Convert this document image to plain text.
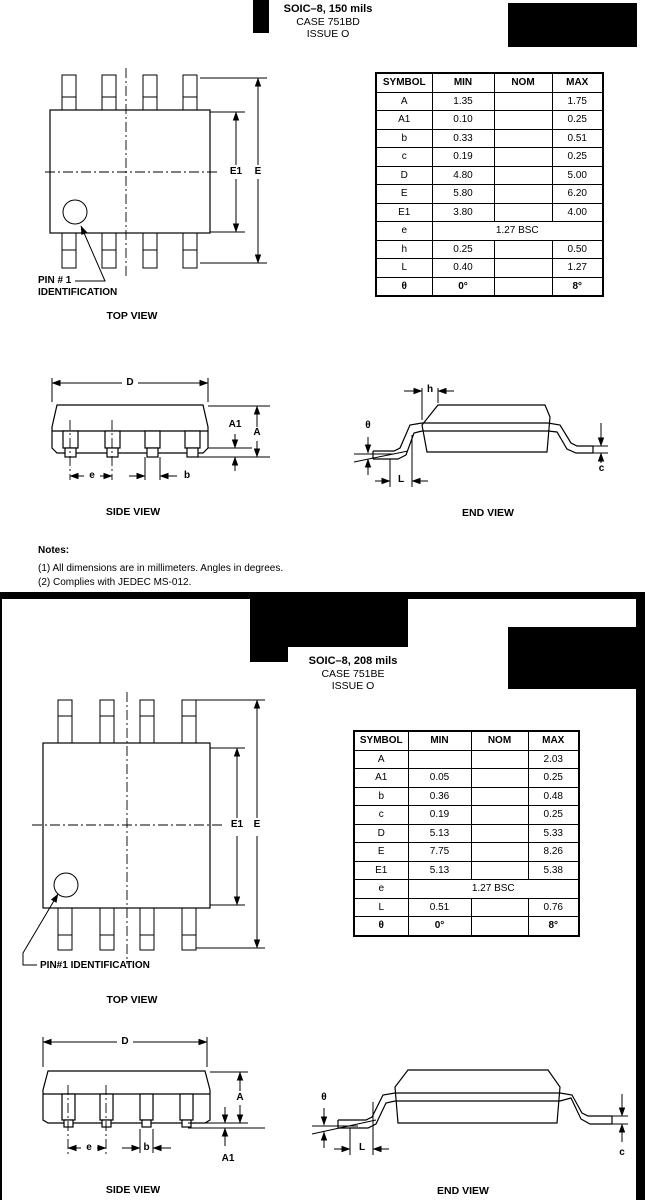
SOIC–8, 150 mils
CASE 751BD
ISSUE O
SYMBOL	MIN	NOM	MAX
A	1.35		1.75
A1	0.10		0.25
b	0.33		0.51
c	0.19		0.25
D	4.80		5.00
E	5.80		6.20
E1	3.80		4.00
e	1.27 BSC		
h	0.25		0.50
L	0.40		1.27
θ	0°		8°
E1	E
PIN # 1
IDENTIFICATION
TOP VIEW
D
A1
A
e	b
SIDE VIEW
h
θ
L
c
END VIEW
Notes:
(1) All dimensions are in millimeters. Angles in degrees.
(2) Complies with JEDEC MS-012.
SOIC–8, 208 mils
CASE 751BE
ISSUE O
SYMBOL	MIN	NOM	MAX
A			2.03
A1	0.05		0.25
b	0.36		0.48
c	0.19		0.25
D	5.13		5.33
E	7.75		8.26
E1	5.13		5.38
e	1.27 BSC		
L	0.51		0.76
θ	0°		8°
E1	E
PIN#1 IDENTIFICATION
TOP VIEW
D
A
A1
e	b
SIDE VIEW
θ
L	c
END VIEW
